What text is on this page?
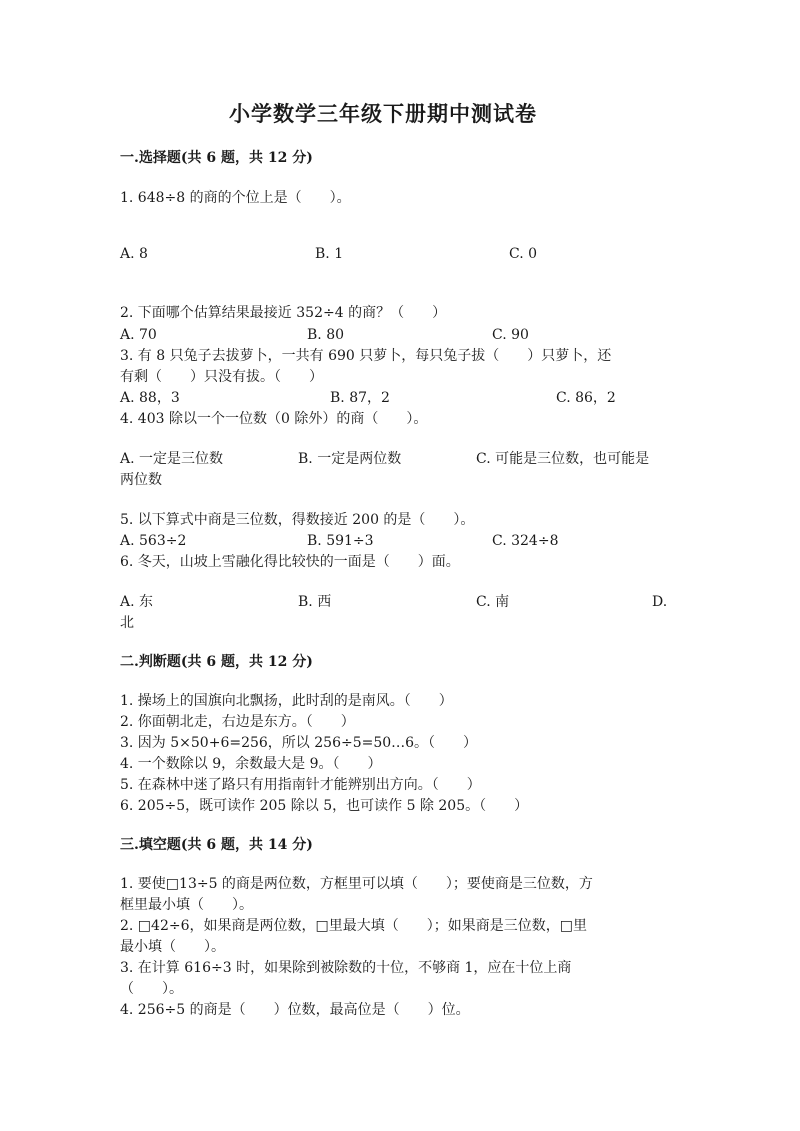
小学数学三年级下册期中测试卷
一.选择题(共 6 题，共 12 分)
1. 648÷8 的商的个位上是（　　）。
A. 8	B. 1	C. 0
2. 下面哪个估算结果最接近 352÷4 的商？（　　）
A. 70	B. 80	C. 90
3. 有 8 只兔子去拔萝卜，一共有 690 只萝卜，每只兔子拔（　　）只萝卜，还
有剩（　　）只没有拔。（　　）
A. 88，3	B. 87，2	C. 86，2
4. 403 除以一个一位数（0 除外）的商（　　）。
A. 一定是三位数	B. 一定是两位数	C. 可能是三位数，也可能是
两位数
5. 以下算式中商是三位数，得数接近 200 的是（　　）。
A. 563÷2	B. 591÷3	C. 324÷8
6. 冬天，山坡上雪融化得比较快的一面是（　　）面。
A. 东	B. 西	C. 南	D.
北
二.判断题(共 6 题，共 12 分)
1. 操场上的国旗向北飘扬，此时刮的是南风。（　　）
2. 你面朝北走，右边是东方。（　　）
3. 因为 5×50+6=256，所以 256÷5=50…6。（　　）
4. 一个数除以 9，余数最大是 9。（　　）
5. 在森林中迷了路只有用指南针才能辨别出方向。（　　）
6. 205÷5，既可读作 205 除以 5，也可读作 5 除 205。（　　）
三.填空题(共 6 题，共 14 分)
1. 要使□13÷5 的商是两位数，方框里可以填（　　）；要使商是三位数，方
框里最小填（　　）。
2. □42÷6，如果商是两位数，□里最大填（　　）；如果商是三位数，□里
最小填（　　）。
3. 在计算 616÷3 时，如果除到被除数的十位，不够商 1，应在十位上商
（　　）。
4. 256÷5 的商是（　　）位数，最高位是（　　）位。
